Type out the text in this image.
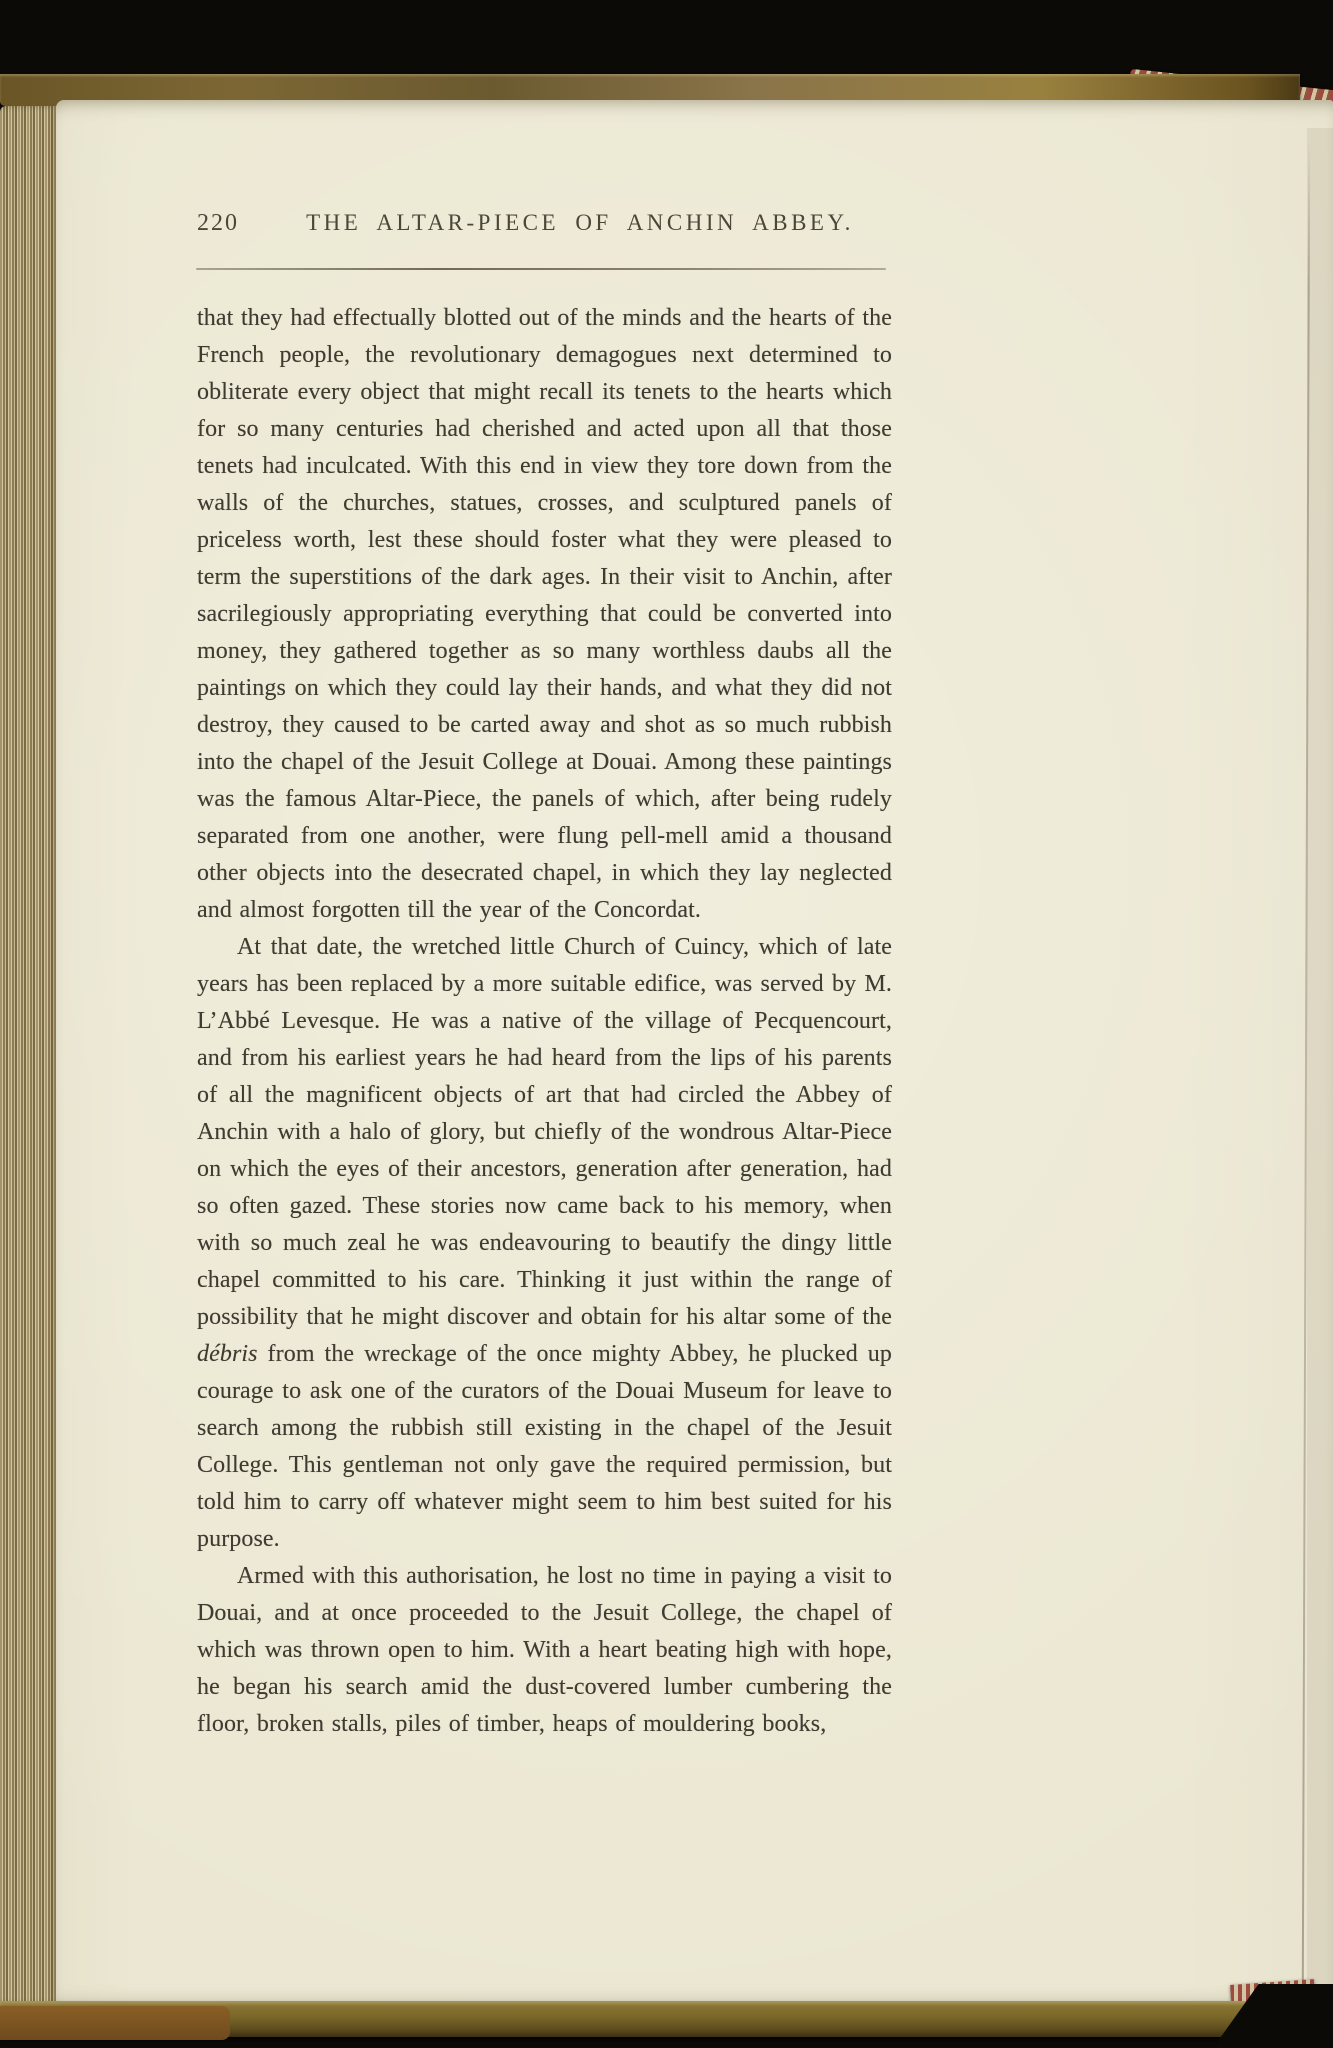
220	THE ALTAR-PIECE OF ANCHIN ABBEY.

that they had effectually blotted out of the minds and the hearts of the French people, the revolutionary demagogues next determined to obliterate every object that might recall its tenets to the hearts which for so many centuries had cherished and acted upon all that those tenets had inculcated. With this end in view they tore down from the walls of the churches, statues, crosses, and sculptured panels of priceless worth, lest these should foster what they were pleased to term the superstitions of the dark ages. In their visit to Anchin, after sacrilegiously appropriating everything that could be converted into money, they gathered together as so many worthless daubs all the paintings on which they could lay their hands, and what they did not destroy, they caused to be carted away and shot as so much rubbish into the chapel of the Jesuit College at Douai. Among these paintings was the famous Altar-Piece, the panels of which, after being rudely separated from one another, were flung pell-mell amid a thousand other objects into the desecrated chapel, in which they lay neglected and almost forgotten till the year of the Concordat.

At that date, the wretched little Church of Cuincy, which of late years has been replaced by a more suitable edifice, was served by M. L’Abbé Levesque. He was a native of the village of Pecquencourt, and from his earliest years he had heard from the lips of his parents of all the magnificent objects of art that had circled the Abbey of Anchin with a halo of glory, but chiefly of the wondrous Altar-Piece on which the eyes of their ancestors, generation after generation, had so often gazed. These stories now came back to his memory, when with so much zeal he was endeavouring to beautify the dingy little chapel committed to his care. Thinking it just within the range of possibility that he might discover and obtain for his altar some of the débris from the wreckage of the once mighty Abbey, he plucked up courage to ask one of the curators of the Douai Museum for leave to search among the rubbish still existing in the chapel of the Jesuit College. This gentleman not only gave the required permission, but told him to carry off whatever might seem to him best suited for his purpose.

Armed with this authorisation, he lost no time in paying a visit to Douai, and at once proceeded to the Jesuit College, the chapel of which was thrown open to him. With a heart beating high with hope, he began his search amid the dust-covered lumber cumbering the floor, broken stalls, piles of timber, heaps of mouldering books,
